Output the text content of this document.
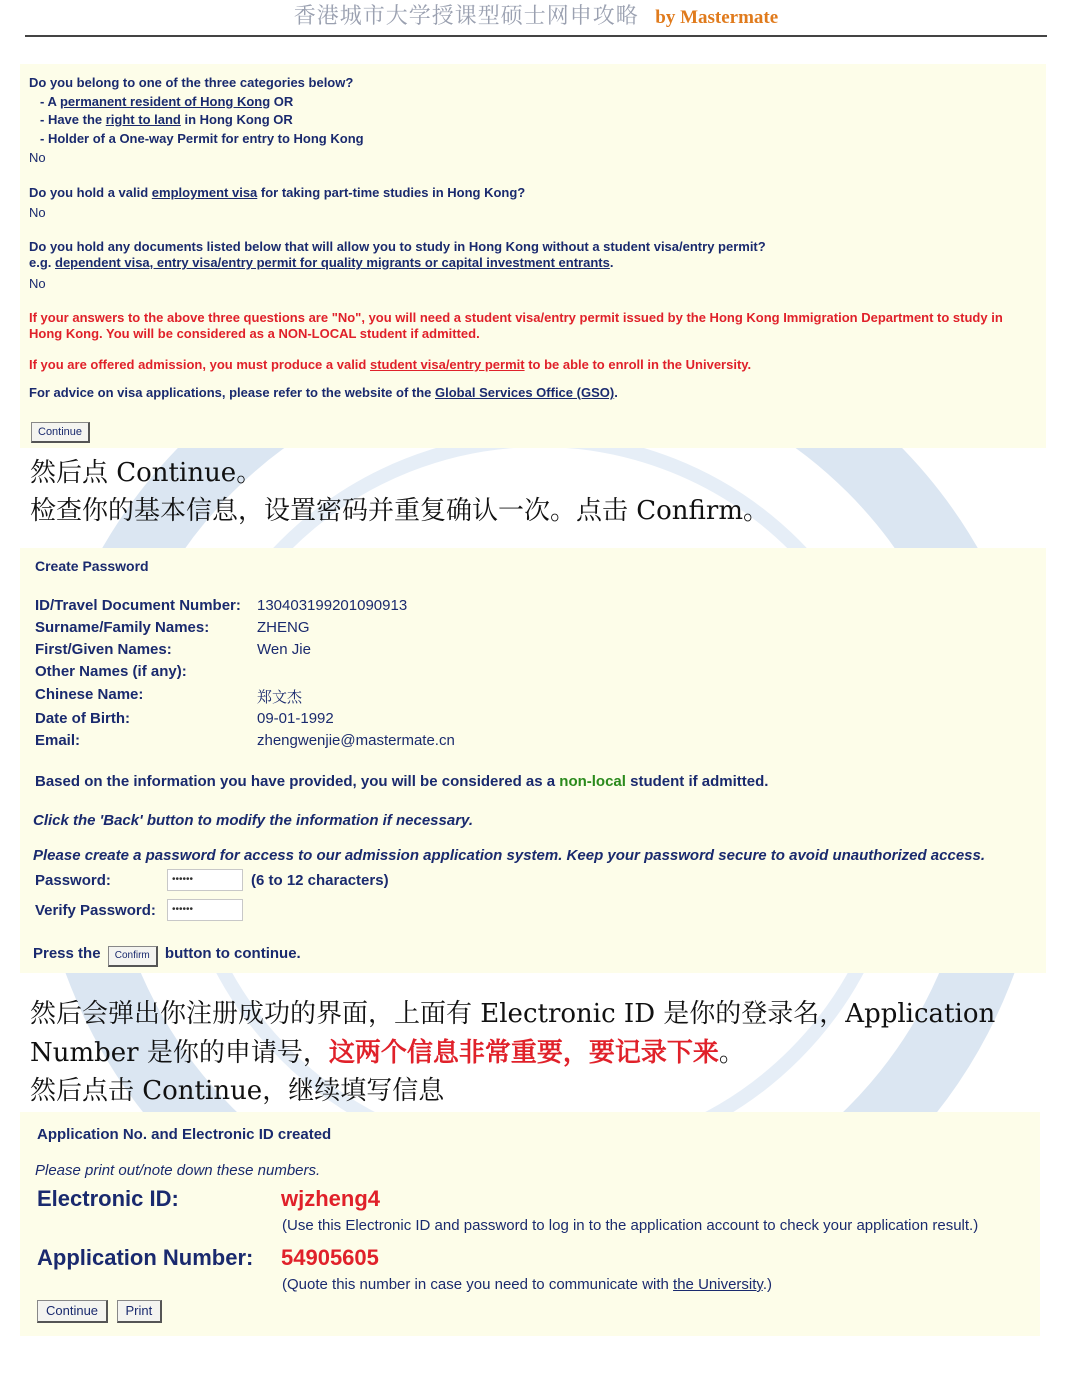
香港城市大学授课型硕士网申攻略 by Mastermate
Do you belong to one of the three categories below?
- A permanent resident of Hong Kong OR
- Have the right to land in Hong Kong OR
- Holder of a One-way Permit for entry to Hong Kong
No
Do you hold a valid employment visa for taking part-time studies in Hong Kong?
No
Do you hold any documents listed below that will allow you to study in Hong Kong without a student visa/entry permit?
e.g. dependent visa, entry visa/entry permit for quality migrants or capital investment entrants.
No
If your answers to the above three questions are "No", you will need a student visa/entry permit issued by the Hong Kong Immigration Department to study in
Hong Kong. You will be considered as a NON-LOCAL student if admitted.
If you are offered admission, you must produce a valid student visa/entry permit to be able to enroll in the University.
For advice on visa applications, please refer to the website of the Global Services Office (GSO).
Continue
然后点 Continue。
检查你的基本信息，设置密码并重复确认一次。点击 Confirm。
Create Password
ID/Travel Document Number: 130403199201090913
Surname/Family Names:	ZHENG
First/Given Names:	Wen Jie
Other Names (if any):
Chinese Name:	郑文杰
Date of Birth:	09-01-1992
Email:	zhengwenjie@mastermate.cn
Based on the information you have provided, you will be considered as a non-local student if admitted.
Click the 'Back' button to modify the information if necessary.
Please create a password for access to our admission application system. Keep your password secure to avoid unauthorized access.
Password:	••••••	(6 to 12 characters)
Verify Password:	••••••
Press the Confirm button to continue.
然后会弹出你注册成功的界面，上面有 Electronic ID 是你的登录名，Application
Number 是你的申请号，这两个信息非常重要，要记录下来。
然后点击 Continue，继续填写信息
Application No. and Electronic ID created
Please print out/note down these numbers.
Electronic ID:	wjzheng4
(Use this Electronic ID and password to log in to the application account to check your application result.)
Application Number: 54905605
(Quote this number in case you need to communicate with the University.)
Continue Print
